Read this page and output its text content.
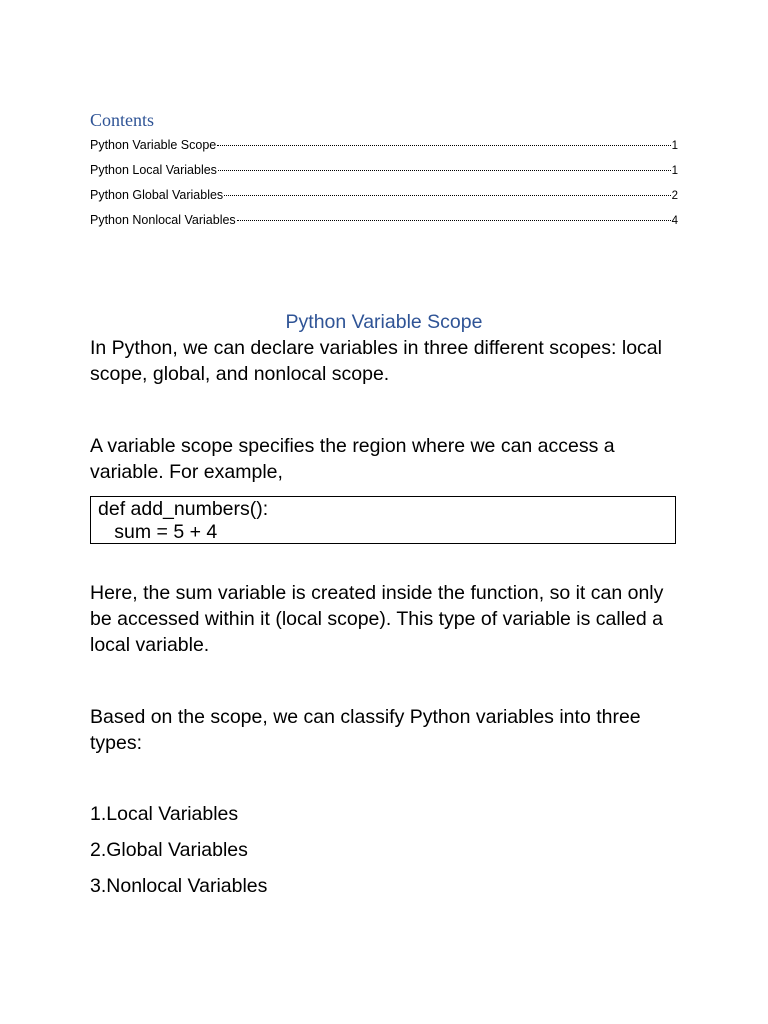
Contents
Python Variable Scope	1
Python Local Variables	1
Python Global Variables	2
Python Nonlocal Variables	4
Python Variable Scope

In Python, we can declare variables in three different scopes: local scope, global, and nonlocal scope.

A variable scope specifies the region where we can access a variable. For example,

def add_numbers():
sum = 5 + 4

Here, the sum variable is created inside the function, so it can only be accessed within it (local scope). This type of variable is called a local variable.

Based on the scope, we can classify Python variables into three types:

1.Local Variables
2.Global Variables
3.Nonlocal Variables
